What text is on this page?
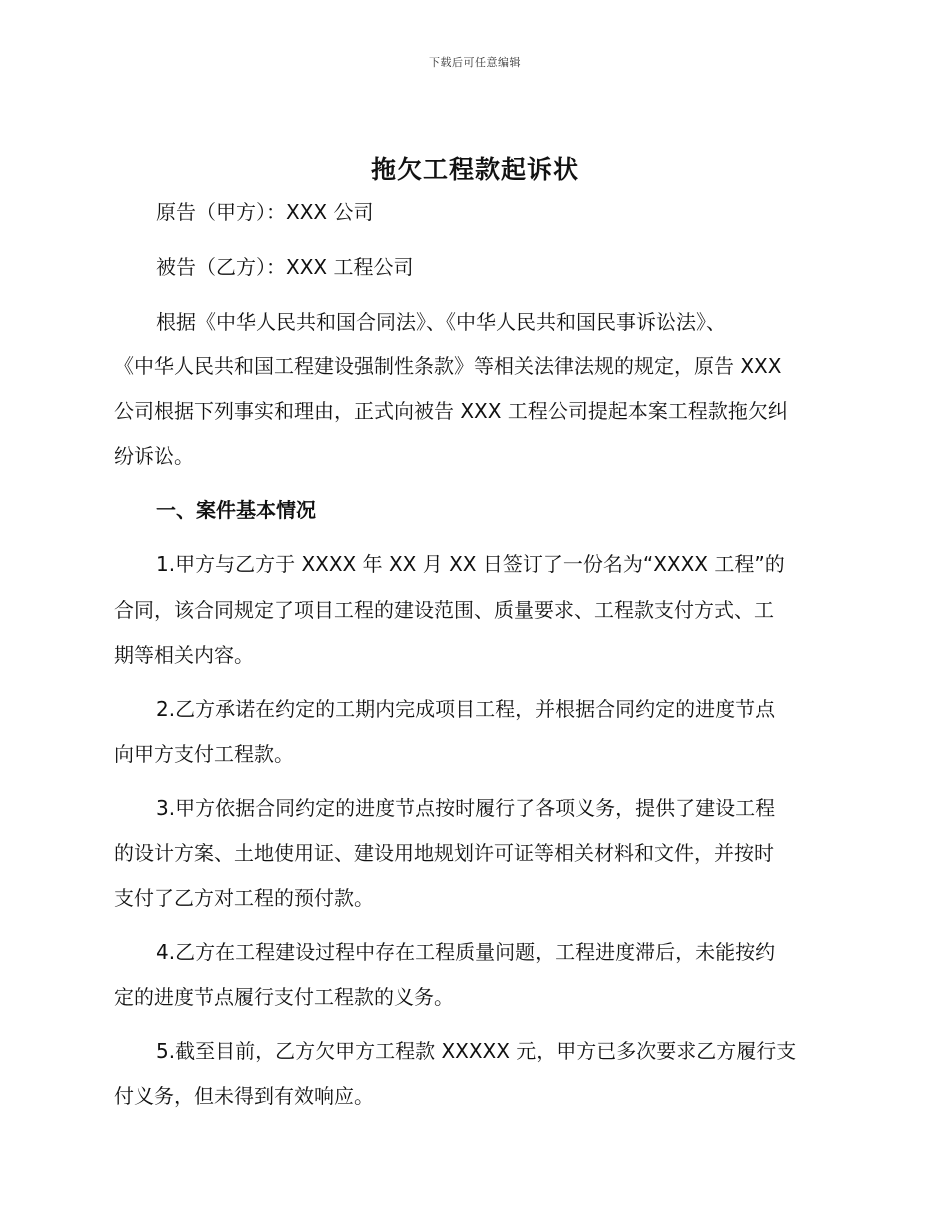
下载后可任意编辑
拖欠工程款起诉状
原告（甲方）：XXX 公司
被告（乙方）：XXX 工程公司
根据《中华人民共和国合同法》、《中华人民共和国民事诉讼法》、
《中华人民共和国工程建设强制性条款》等相关法律法规的规定，原告 XXX
公司根据下列事实和理由，正式向被告 XXX 工程公司提起本案工程款拖欠纠
纷诉讼。
一、案件基本情况
1.甲方与乙方于 XXXX 年 XX 月 XX 日签订了一份名为“XXXX 工程”的
合同，该合同规定了项目工程的建设范围、质量要求、工程款支付方式、工
期等相关内容。
2.乙方承诺在约定的工期内完成项目工程，并根据合同约定的进度节点
向甲方支付工程款。
3.甲方依据合同约定的进度节点按时履行了各项义务，提供了建设工程
的设计方案、土地使用证、建设用地规划许可证等相关材料和文件，并按时
支付了乙方对工程的预付款。
4.乙方在工程建设过程中存在工程质量问题，工程进度滞后，未能按约
定的进度节点履行支付工程款的义务。
5.截至目前，乙方欠甲方工程款 XXXXX 元，甲方已多次要求乙方履行支
付义务，但未得到有效响应。
